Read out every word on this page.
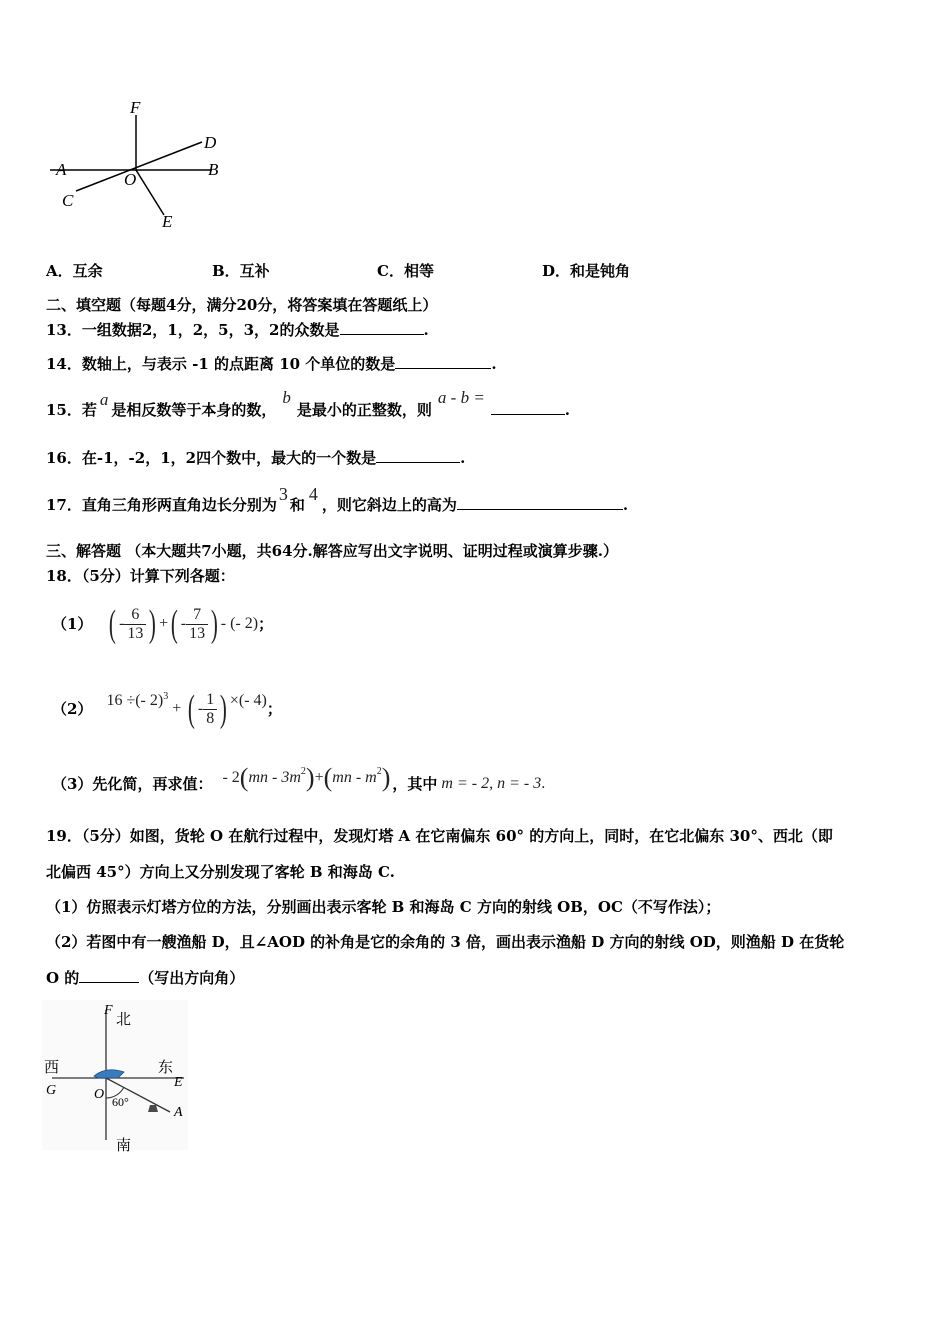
F
D
A
O
B
C
E
A．互余	B．互补	C．相等	D．和是钝角
二、填空题（每题4分，满分20分，将答案填在答题纸上）
13．一组数据2，1，2，5，3，2的众数是	.
14．数轴上，与表示 -1 的点距离 10 个单位的数是	.
15．若a是相反数等于本身的数，b是最小的正整数，则a - b =.
16．在-1，-2，1，2四个数中，最大的一个数是	.
17．直角三角形两直角边长分别为3和4，则它斜边上的高为	.
三、解答题 （本大题共7小题，共64分.解答应写出文字说明、证明过程或演算步骤.）
18．（5分）计算下列各题：
（1） ( - $\frac{6}{13}$ ) + ( - $\frac{7}{13}$ ) - (- 2) ；
（2） 16 ÷(- 2)$^3$
+ ( - $\frac{1}{8}$ ) ×(- 4) ；
（3）先化简，再求值： - 2 ( mn - $3m^2$ ) + ( mn - $m^2$ ) ，其中 m = - 2, n = - 3 .
19．（5分）如图，货轮 O 在航行过程中，发现灯塔 A 在它南偏东 60° 的方向上，同时，在它北偏东 30°、西北（即
北偏西 45°）方向上又分别发现了客轮 B 和海岛 C.
（1）仿照表示灯塔方位的方法，分别画出表示客轮 B 和海岛 C 方向的射线 OB，OC（不写作法）；
（2）若图中有一艘渔船 D，且∠AOD 的补角是它的余角的 3 倍，画出表示渔船 D 方向的射线 OD，则渔船 D 在货轮
O 的	（写出方向角）
F
北
西	东
G
E
O 60°
A
南
